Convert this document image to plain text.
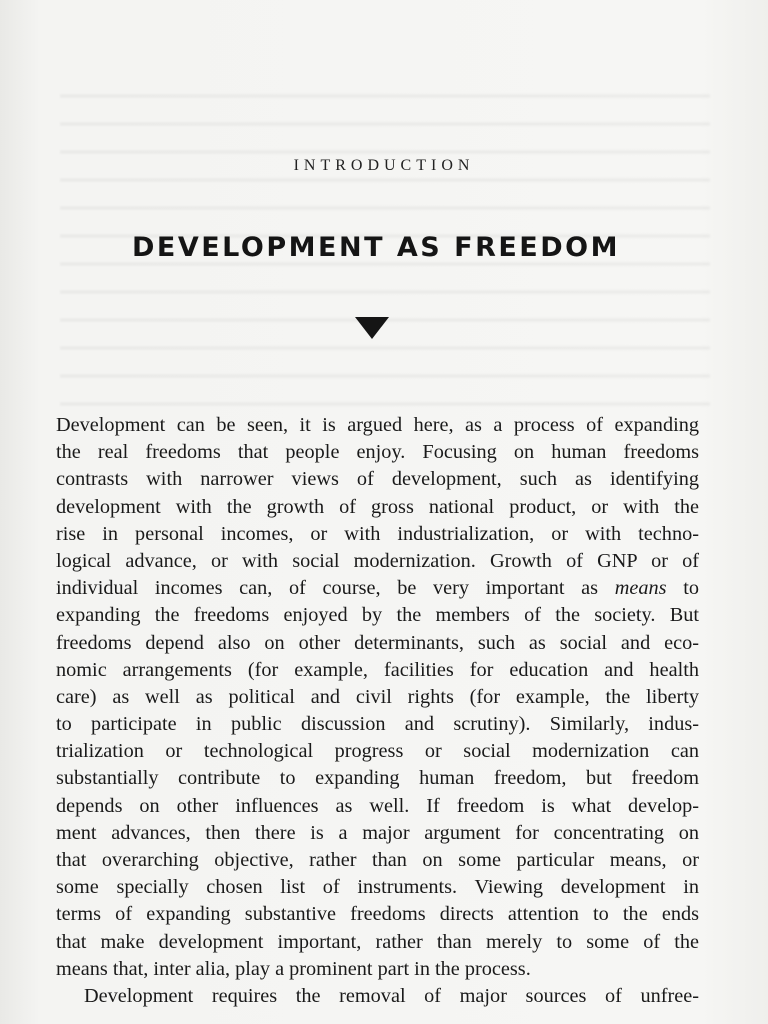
INTRODUCTION
DEVELOPMENT AS FREEDOM
Development can be seen, it is argued here, as a process of expanding
the real freedoms that people enjoy. Focusing on human freedoms
contrasts with narrower views of development, such as identifying
development with the growth of gross national product, or with the
rise in personal incomes, or with industrialization, or with techno-
logical advance, or with social modernization. Growth of GNP or of
individual incomes can, of course, be very important as means to
expanding the freedoms enjoyed by the members of the society. But
freedoms depend also on other determinants, such as social and eco-
nomic arrangements (for example, facilities for education and health
care) as well as political and civil rights (for example, the liberty
to participate in public discussion and scrutiny). Similarly, indus-
trialization or technological progress or social modernization can
substantially contribute to expanding human freedom, but freedom
depends on other influences as well. If freedom is what develop-
ment advances, then there is a major argument for concentrating on
that overarching objective, rather than on some particular means, or
some specially chosen list of instruments. Viewing development in
terms of expanding substantive freedoms directs attention to the ends
that make development important, rather than merely to some of the
means that, inter alia, play a prominent part in the process.
Development requires the removal of major sources of unfree-
